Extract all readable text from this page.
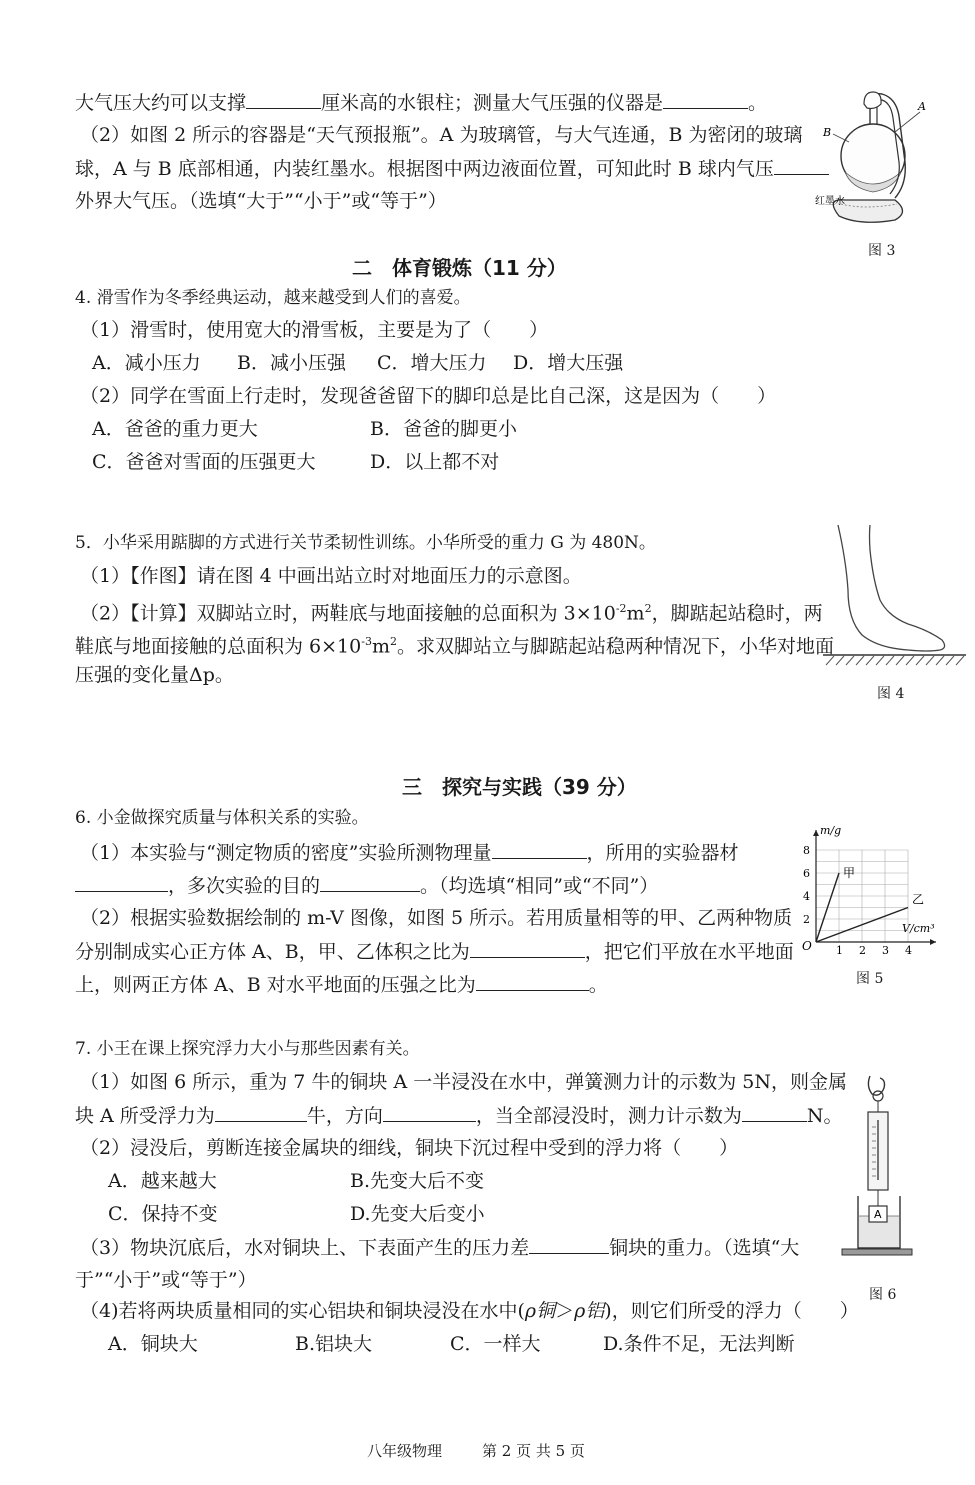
大气压大约可以支撑	厘米高的水银柱；测量大气压强的仪器是	。
（2）如图 2 所示的容器是“天气预报瓶”。A 为玻璃管，与大气连通，B 为密闭的玻璃
球，A 与 B 底部相通，内装红墨水。根据图中两边液面位置，可知此时 B 球内气压
外界大气压。（选填“大于”“小于”或“等于”）
A
B
红墨水
图 3
二　体育锻炼（11 分）
4. 滑雪作为冬季经典运动，越来越受到人们的喜爱。
（1）滑雪时，使用宽大的滑雪板，主要是为了（　　）
A．减小压力 B．减小压强 C．增大压力 D．增大压强
（2）同学在雪面上行走时，发现爸爸留下的脚印总是比自己深，这是因为（　　）
A．爸爸的重力更大	B．爸爸的脚更小
C．爸爸对雪面的压强更大	D．以上都不对
5．小华采用踮脚的方式进行关节柔韧性训练。小华所受的重力 G 为 480N。
（1）【作图】请在图 4 中画出站立时对地面压力的示意图。
（2）【计算】双脚站立时，两鞋底与地面接触的总面积为 $3\times 10^{-2}m^2$，脚踮起站稳时，两
鞋底与地面接触的总面积为 $6\times 10^{-3}m^2$。求双脚站立与脚踮起站稳两种情况下，小华对地面
压强的变化量Δp。
图 4
三　探究与实践（39 分）
6. 小金做探究质量与体积关系的实验。
（1）本实验与“测定物质的密度”实验所测物理量	，所用的实验器材
，多次实验的目的	。（均选填“相同”或“不同”）
（2）根据实验数据绘制的 m-V 图像，如图 5 所示。若用质量相等的甲、乙两种物质
分别制成实心正方体 A、B，甲、乙体积之比为	，把它们平放在水平地面
上，则两正方体 A、B 对水平地面的压强之比为	。
m/g
V/cm³
O
甲
乙
8
6
4
2
1 2 3 4
图 5
7. 小王在课上探究浮力大小与那些因素有关。
（1）如图 6 所示，重为 7 牛的铜块 A 一半浸没在水中，弹簧测力计的示数为 5N，则金属
块 A 所受浮力为	牛，方向	，当全部浸没时，测力计示数为	N。
（2）浸没后，剪断连接金属块的细线，铜块下沉过程中受到的浮力将（　　）
A．越来越大	B.先变大后不变
C．保持不变	D.先变大后变小
（3）物块沉底后，水对铜块上、下表面产生的压力差	铜块的重力。（选填“大
于”“小于”或“等于”）
（4)若将两块质量相同的实心铝块和铜块浸没在水中(ρ铜＞ρ铝)，则它们所受的浮力（　　）
A．铜块大	B.铝块大	C．一样大	D.条件不足，无法判断
A
图 6
八年级物理	第 2 页 共 5 页
